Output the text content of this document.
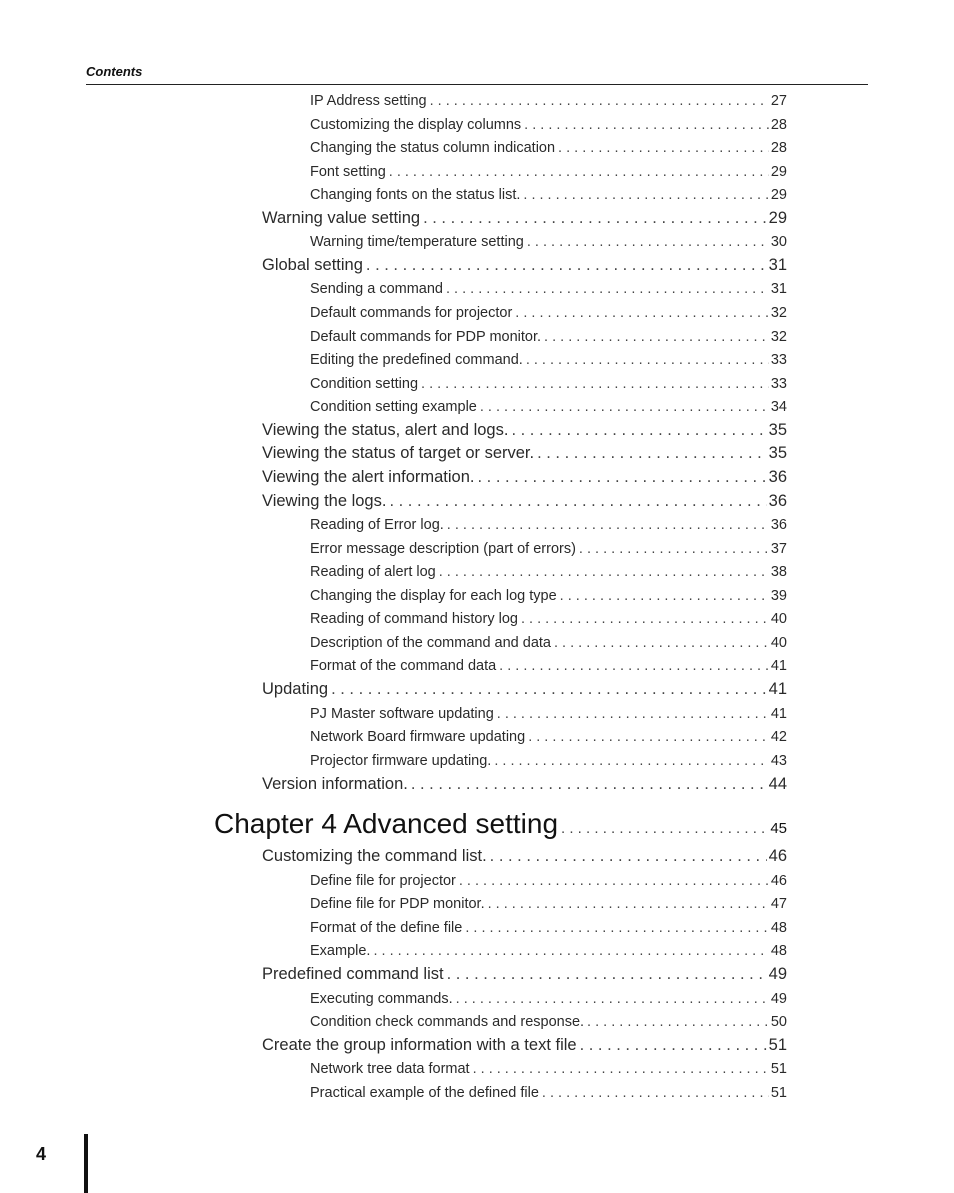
Contents
IP Address setting . . .	27
Customizing the display columns . . .	28
Changing the status column indication . . .	28
Font setting . . .	29
Changing fonts on the status list. . . .	29
Warning value setting . . .	29
Warning time/temperature setting . . .	30
Global setting . . .	31
Sending a command . . .	31
Default commands for projector . . .	32
Default commands for PDP monitor. . . .	32
Editing the predefined command. . . .	33
Condition setting . . .	33
Condition setting example . . .	34
Viewing the status, alert and logs. . . .	35
Viewing the status of target or server. . . .	35
Viewing the alert information. . . .	36
Viewing the logs. . . .	36
Reading of Error log. . . .	36
Error message description (part of errors) . . .	37
Reading of alert log . . .	38
Changing the display for each log type . . .	39
Reading of command history log . . .	40
Description of the command and data . . .	40
Format of the command data . . .	41
Updating . . .	41
PJ Master software updating . . .	41
Network Board firmware updating . . .	42
Projector firmware updating. . . .	43
Version information. . . .	44
Chapter 4 Advanced setting . . .	45
Customizing the command list. . . .	46
Define file for projector . . .	46
Define file for PDP monitor. . . .	47
Format of the define file . . .	48
Example. . . .	48
Predefined command list . . .	49
Executing commands. . . .	49
Condition check commands and response. . . .	50
Create the group information with a text file . . .	51
Network tree data format . . .	51
Practical example of the defined file . . .	51
4
